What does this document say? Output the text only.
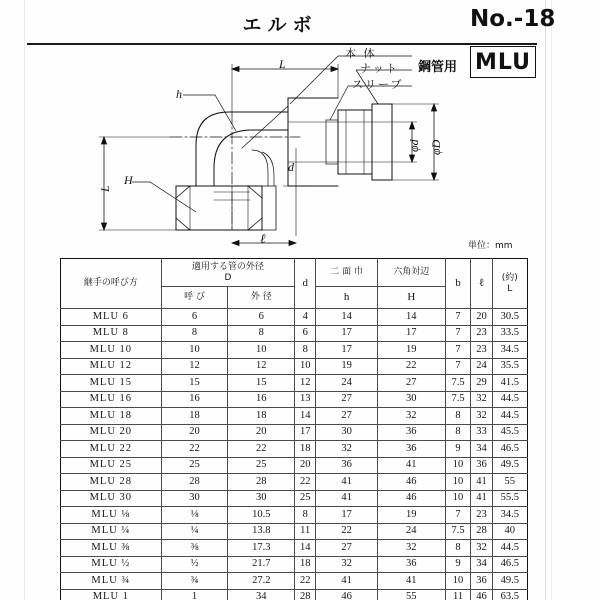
エルボ	No.-18
鋼管用 MLU
本 体
ナット
スリーブ
L
L
h
H
d
φd φD
ℓ	単位：mm
継手の呼び方	適用する管の外径
D		d	二 面 巾	六角対辺	b	ℓ	(約)
L
	呼 び	外 径		h	H			
MLU 6	6	6	4	14	14	7	20	30.5
MLU 8	8	8	6	17	17	7	23	33.5
MLU 10	10	10	8	17	19	7	23	34.5
MLU 12	12	12	10	19	22	7	24	35.5
MLU 15	15	15	12	24	27	7.5	29	41.5
MLU 16	16	16	13	27	30	7.5	32	44.5
MLU 18	18	18	14	27	32	8	32	44.5
MLU 20	20	20	17	30	36	8	33	45.5
MLU 22	22	22	18	32	36	9	34	46.5
MLU 25	25	25	20	36	41	10	36	49.5
MLU 28	28	28	22	41	46	10	41	55
MLU 30	30	30	25	41	46	10	41	55.5
MLU ⅛	⅛	10.5	8	17	19	7	23	34.5
MLU ¼	¼	13.8	11	22	24	7.5	28	40
MLU ⅜	⅜	17.3	14	27	32	8	32	44.5
MLU ½	½	21.7	18	32	36	9	34	46.5
MLU ¾	¾	27.2	22	41	41	10	36	49.5
MLU 1	1	34	28	46	55	11	46	63.5
